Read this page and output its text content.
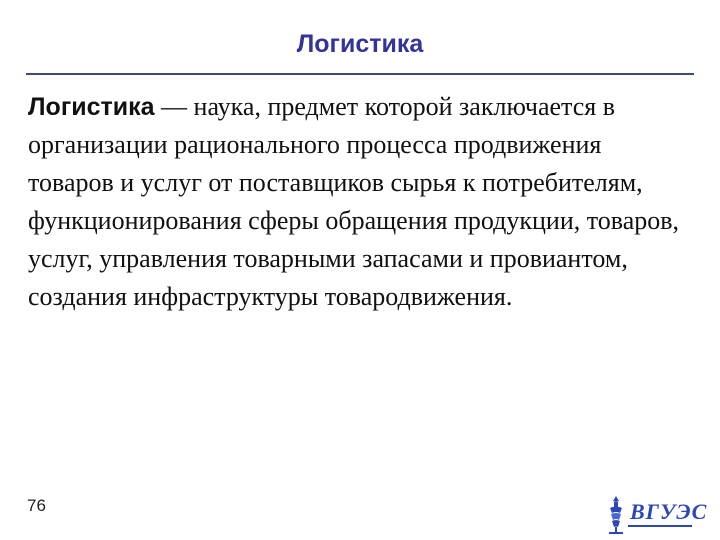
Логистика

Логистика — наука, предмет которой заключается в организации рационального процесса продвижения товаров и услуг от поставщиков сырья к потребителям, функционирования сферы обращения продукции, товаров, услуг, управления товарными запасами и провиантом, создания инфраструктуры товародвижения.

76	ВГУЭС
